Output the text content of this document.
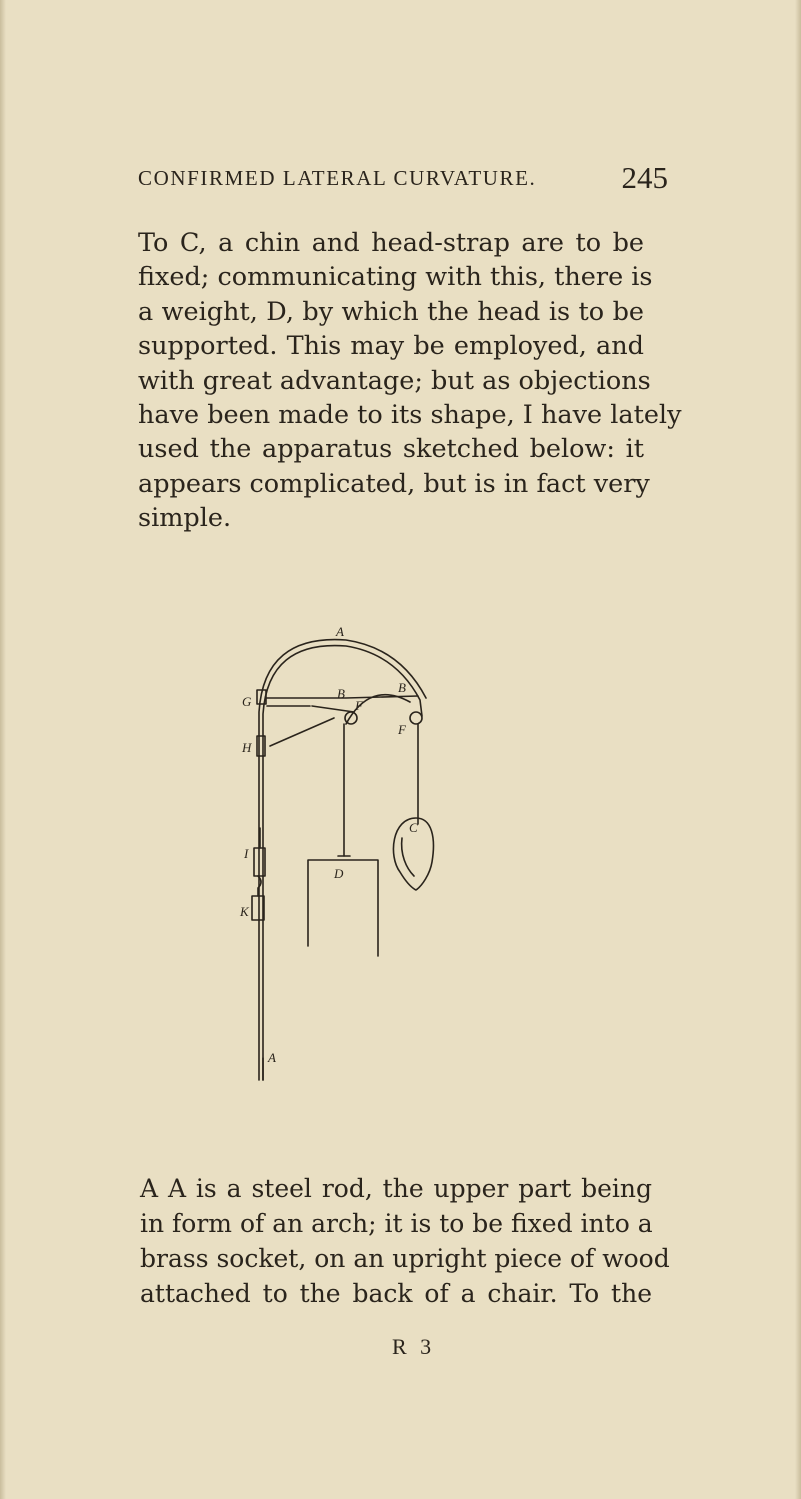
CONFIRMED LATERAL CURVATURE.	245

To C, a chin and head-strap are to be
fixed; communicating with this, there is
a weight, D, by which the head is to be
supported. This may be employed, and
with great advantage; but as objections
have been made to its shape, I have lately
used the apparatus sketched below: it
appears complicated, but is in fact very
simple.

A
B	B
G
H
F
F
C
I
K
D
A

A A is a steel rod, the upper part being
in form of an arch; it is to be fixed into a
brass socket, on an upright piece of wood
attached to the back of a chair. To the

R 3
